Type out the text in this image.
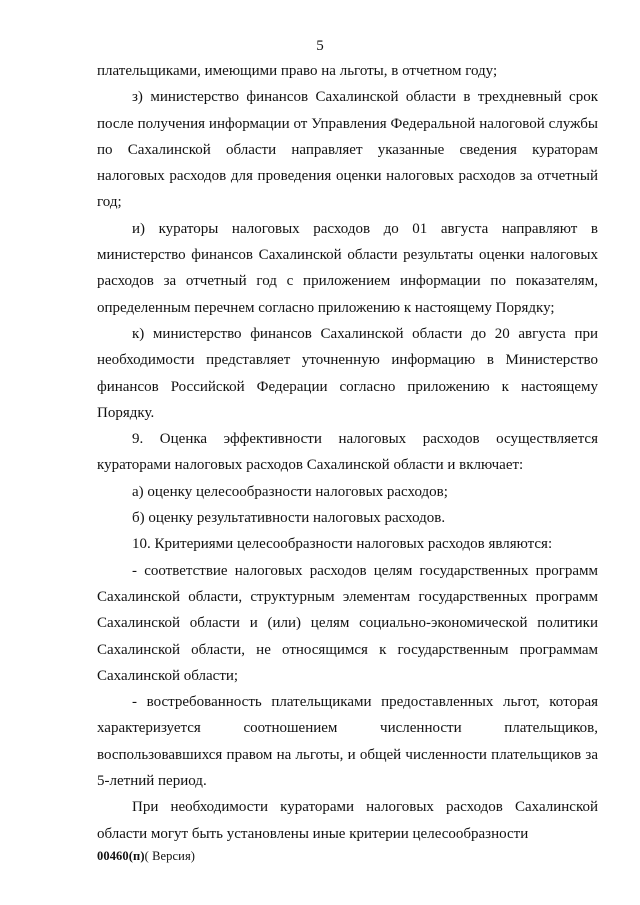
5

плательщиками, имеющими право на льготы, в отчетном году;

з) министерство финансов Сахалинской области в трехдневный срок после получения информации от Управления Федеральной налоговой службы по Сахалинской области направляет указанные сведения кураторам налоговых расходов для проведения оценки налоговых расходов за отчетный год;

и) кураторы налоговых расходов до 01 августа направляют в министерство финансов Сахалинской области результаты оценки налоговых расходов за отчетный год с приложением информации по показателям, определенным перечнем согласно приложению к настоящему Порядку;

к) министерство финансов Сахалинской области до 20 августа при необходимости представляет уточненную информацию в Министерство финансов Российской Федерации согласно приложению к настоящему Порядку.

9. Оценка эффективности налоговых расходов осуществляется кураторами налоговых расходов Сахалинской области и включает:

а) оценку целесообразности налоговых расходов;

б) оценку результативности налоговых расходов.

10. Критериями целесообразности налоговых расходов являются:

- соответствие налоговых расходов целям государственных программ Сахалинской области, структурным элементам государственных программ Сахалинской области и (или) целям социально-экономической политики Сахалинской области, не относящимся к государственным программам Сахалинской области;

- востребованность плательщиками предоставленных льгот, которая характеризуется соотношением численности плательщиков, воспользовавшихся правом на льготы, и общей численности плательщиков за 5-летний период.

При необходимости кураторами налоговых расходов Сахалинской области могут быть установлены иные критерии целесообразности

00460(п)( Версия)
